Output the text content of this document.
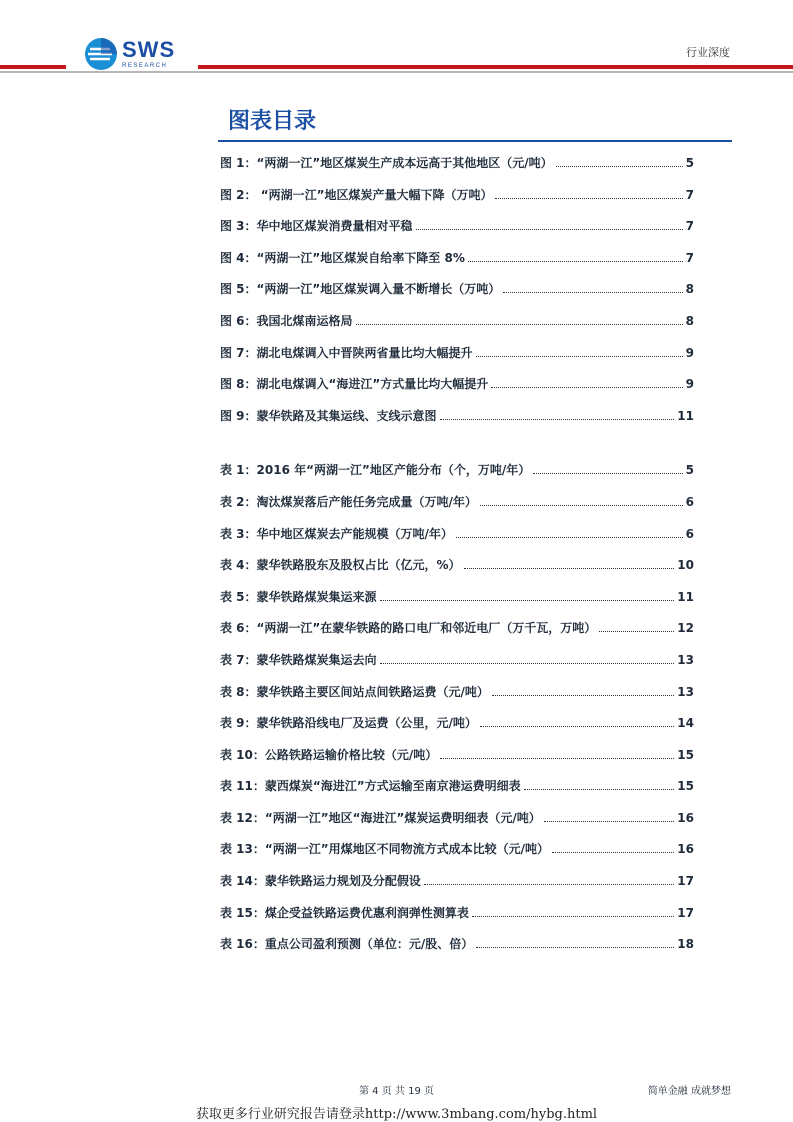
SWS
RESEARCH
行业深度
图表目录
图 1：“两湖一江”地区煤炭生产成本远高于其他地区（元/吨）	5
图 2： “两湖一江”地区煤炭产量大幅下降（万吨）	7
图 3：华中地区煤炭消费量相对平稳	7
图 4：“两湖一江”地区煤炭自给率下降至 8%	7
图 5：“两湖一江”地区煤炭调入量不断增长（万吨）	8
图 6：我国北煤南运格局	8
图 7：湖北电煤调入中晋陕两省量比均大幅提升	9
图 8：湖北电煤调入“海进江”方式量比均大幅提升	9
图 9：蒙华铁路及其集运线、支线示意图	11
表 1：2016 年“两湖一江”地区产能分布（个，万吨/年）	5
表 2：淘汰煤炭落后产能任务完成量（万吨/年）	6
表 3：华中地区煤炭去产能规模（万吨/年）	6
表 4：蒙华铁路股东及股权占比（亿元，%）	10
表 5：蒙华铁路煤炭集运来源	11
表 6：“两湖一江”在蒙华铁路的路口电厂和邻近电厂（万千瓦，万吨）	12
表 7：蒙华铁路煤炭集运去向	13
表 8：蒙华铁路主要区间站点间铁路运费（元/吨）	13
表 9：蒙华铁路沿线电厂及运费（公里，元/吨）	14
表 10：公路铁路运输价格比较（元/吨）	15
表 11：蒙西煤炭“海进江”方式运输至南京港运费明细表	15
表 12：“两湖一江”地区“海进江”煤炭运费明细表（元/吨）	16
表 13：“两湖一江”用煤地区不同物流方式成本比较（元/吨）	16
表 14：蒙华铁路运力规划及分配假设	17
表 15：煤企受益铁路运费优惠利润弹性测算表	17
表 16：重点公司盈利预测（单位：元/股、倍）	18
第 4 页 共 19 页	简单金融 成就梦想
获取更多行业研究报告请登录http://www.3mbang.com/hybg.html
